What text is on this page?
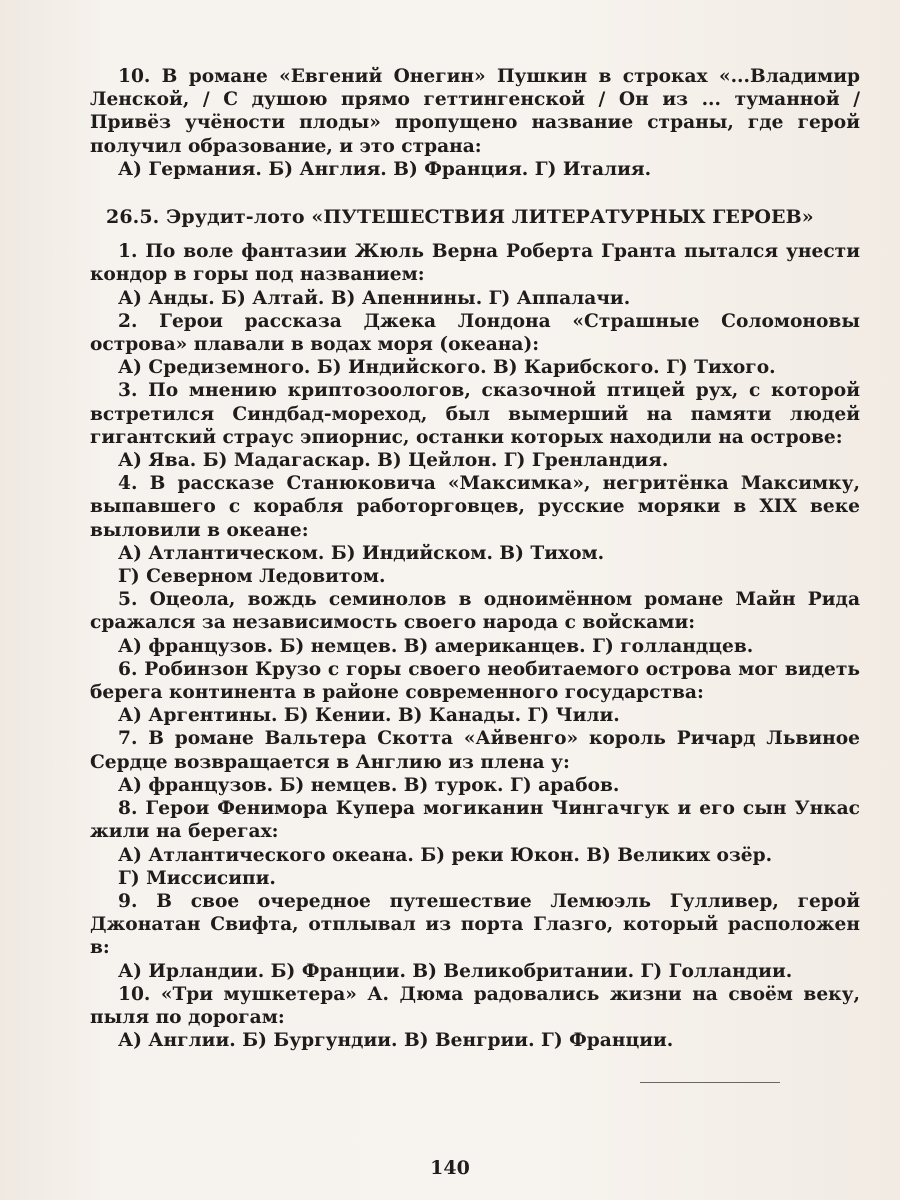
10. В романе «Евгений Онегин» Пушкин в строках «...Владимир Ленской, / С душою прямо геттингенской / Он из ... туманной / Привёз учёности плоды» пропущено название страны, где герой получил образование, и это страна:

А) Германия. Б) Англия. В) Франция. Г) Италия.

26.5. Эрудит-лото «ПУТЕШЕСТВИЯ ЛИТЕРАТУРНЫХ ГЕРОЕВ»

1. По воле фантазии Жюль Верна Роберта Гранта пытался унести кондор в горы под названием:

А) Анды. Б) Алтай. В) Апеннины. Г) Аппалачи.

2. Герои рассказа Джека Лондона «Страшные Соломоновы острова» плавали в водах моря (океана):

А) Средиземного. Б) Индийского. В) Карибского. Г) Тихого.

3. По мнению криптозоологов, сказочной птицей рух, с которой встретился Синдбад-мореход, был вымерший на памяти людей гигантский страус эпиорнис, останки которых находили на острове:

А) Ява. Б) Мадагаскар. В) Цейлон. Г) Гренландия.

4. В рассказе Станюковича «Максимка», негритёнка Максимку, выпавшего с корабля работорговцев, русские моряки в XIX веке выловили в океане:

А) Атлантическом. Б) Индийском. В) Тихом.

Г) Северном Ледовитом.

5. Оцеола, вождь семинолов в одноимённом романе Майн Рида сражался за независимость своего народа с войсками:

А) французов. Б) немцев. В) американцев. Г) голландцев.

6. Робинзон Крузо с горы своего необитаемого острова мог видеть берега континента в районе современного государства:

А) Аргентины. Б) Кении. В) Канады. Г) Чили.

7. В романе Вальтера Скотта «Айвенго» король Ричард Львиное Сердце возвращается в Англию из плена у:

А) французов. Б) немцев. В) турок. Г) арабов.

8. Герои Фенимора Купера могиканин Чингачгук и его сын Ункас жили на берегах:

А) Атлантического океана. Б) реки Юкон. В) Великих озёр.

Г) Миссисипи.

9. В свое очередное путешествие Лемюэль Гулливер, герой Джонатан Свифта, отплывал из порта Глазго, который расположен в:

А) Ирландии. Б) Франции. В) Великобритании. Г) Голландии.

10. «Три мушкетера» А. Дюма радовались жизни на своём веку, пыля по дорогам:

А) Англии. Б) Бургундии. В) Венгрии. Г) Франции.

140
